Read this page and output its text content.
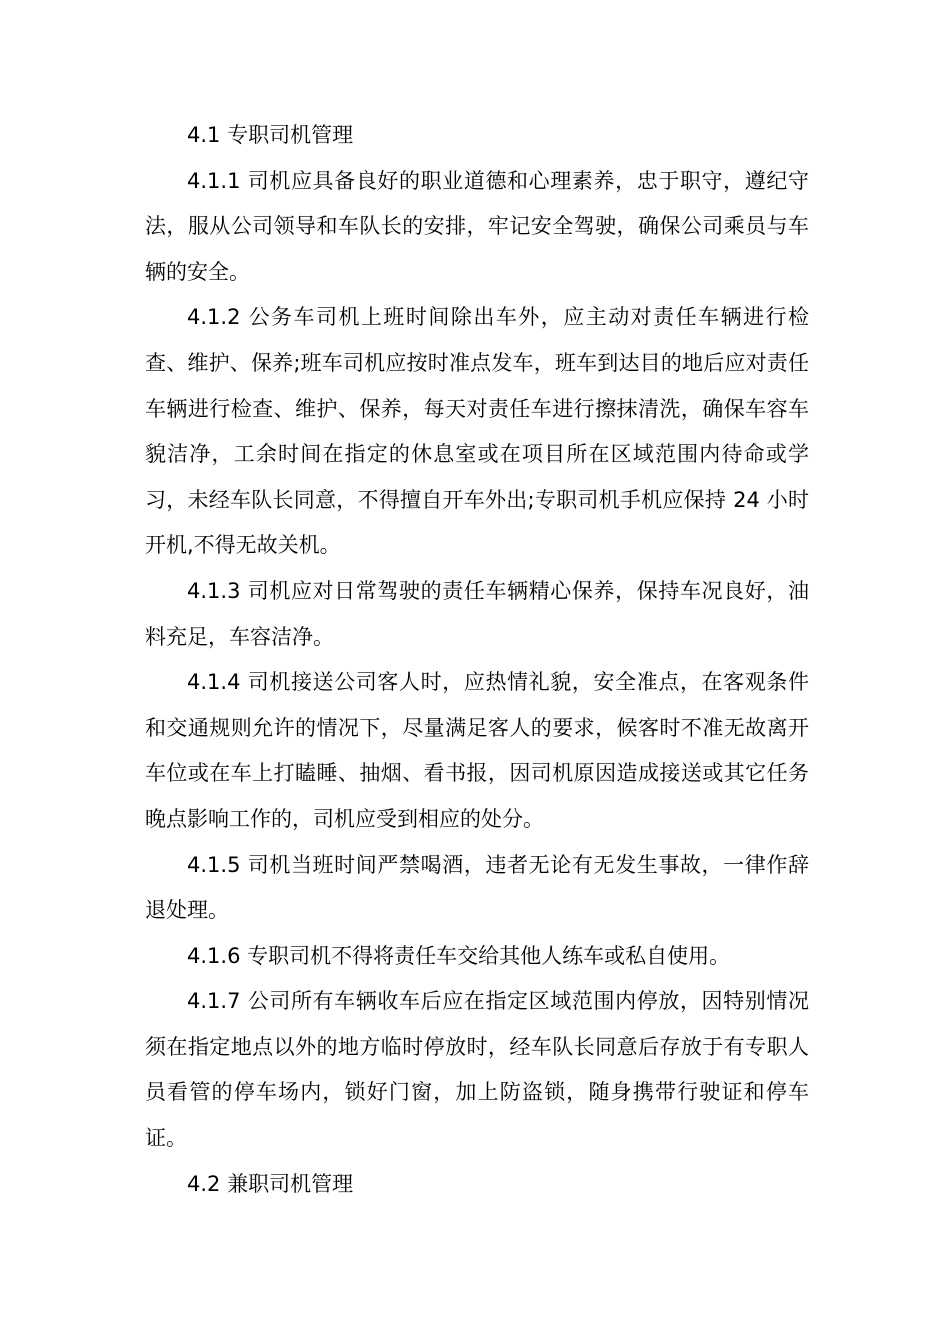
4.1 专职司机管理

4.1.1 司机应具备良好的职业道德和心理素养，忠于职守，遵纪守法，服从公司领导和车队长的安排，牢记安全驾驶，确保公司乘员与车辆的安全。

4.1.2 公务车司机上班时间除出车外，应主动对责任车辆进行检查、维护、保养;班车司机应按时准点发车，班车到达目的地后应对责任车辆进行检查、维护、保养，每天对责任车进行擦抹清洗，确保车容车貌洁净，工余时间在指定的休息室或在项目所在区域范围内待命或学习，未经车队长同意，不得擅自开车外出;专职司机手机应保持 24 小时开机,不得无故关机。

4.1.3 司机应对日常驾驶的责任车辆精心保养，保持车况良好，油料充足，车容洁净。

4.1.4 司机接送公司客人时，应热情礼貌，安全准点，在客观条件和交通规则允许的情况下，尽量满足客人的要求，候客时不准无故离开车位或在车上打瞌睡、抽烟、看书报，因司机原因造成接送或其它任务晚点影响工作的，司机应受到相应的处分。

4.1.5 司机当班时间严禁喝酒，违者无论有无发生事故，一律作辞退处理。

4.1.6 专职司机不得将责任车交给其他人练车或私自使用。

4.1.7 公司所有车辆收车后应在指定区域范围内停放，因特别情况须在指定地点以外的地方临时停放时，经车队长同意后存放于有专职人员看管的停车场内，锁好门窗，加上防盗锁，随身携带行驶证和停车证。

4.2 兼职司机管理
